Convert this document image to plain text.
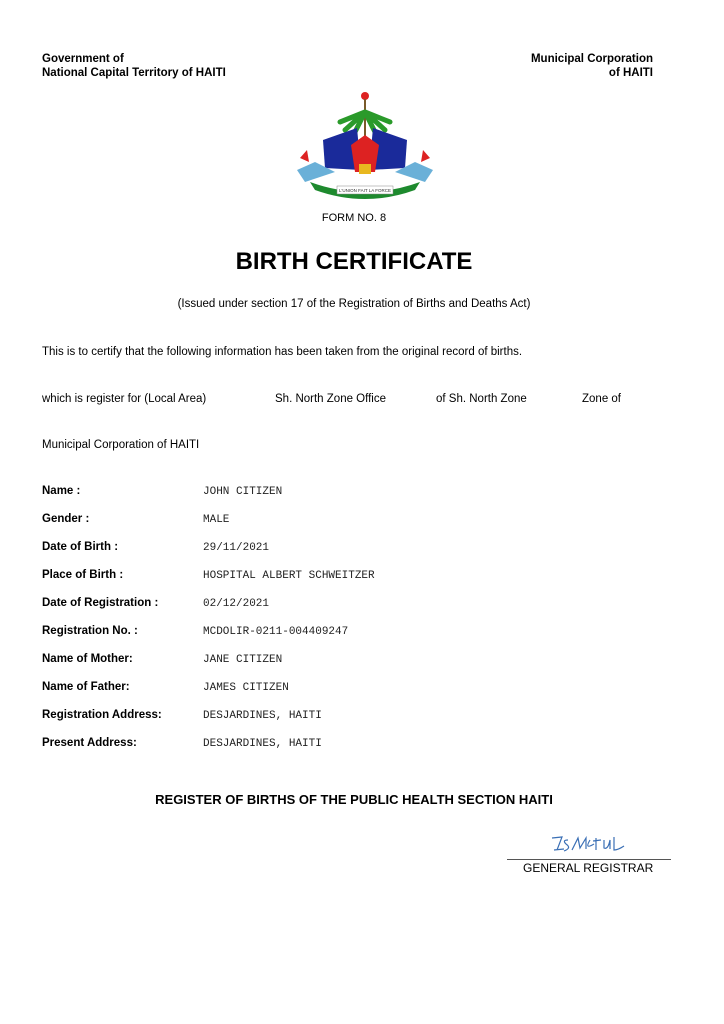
Government of
National Capital Territory of HAITI
Municipal Corporation
of HAITI
L'UNION FAIT LA FORCE
FORM NO. 8
BIRTH CERTIFICATE
(Issued under section 17 of the Registration of Births and Deaths Act)
This is to certify that the following information has been taken from the original record of births.
which is register for (Local Area)	Sh. North Zone Office	of Sh. North Zone	Zone of
Municipal Corporation of HAITI
Name :	JOHN CITIZEN
Gender :	MALE
Date of Birth :	29/11/2021
Place of Birth :	HOSPITAL ALBERT SCHWEITZER
Date of Registration :	02/12/2021
Registration No. :	MCDOLIR-0211-004409247
Name of Mother:	JANE CITIZEN
Name of Father:	JAMES CITIZEN
Registration Address:	DESJARDINES, HAITI
Present Address:	DESJARDINES, HAITI
REGISTER OF BIRTHS OF THE PUBLIC HEALTH SECTION HAITI
GENERAL REGISTRAR
